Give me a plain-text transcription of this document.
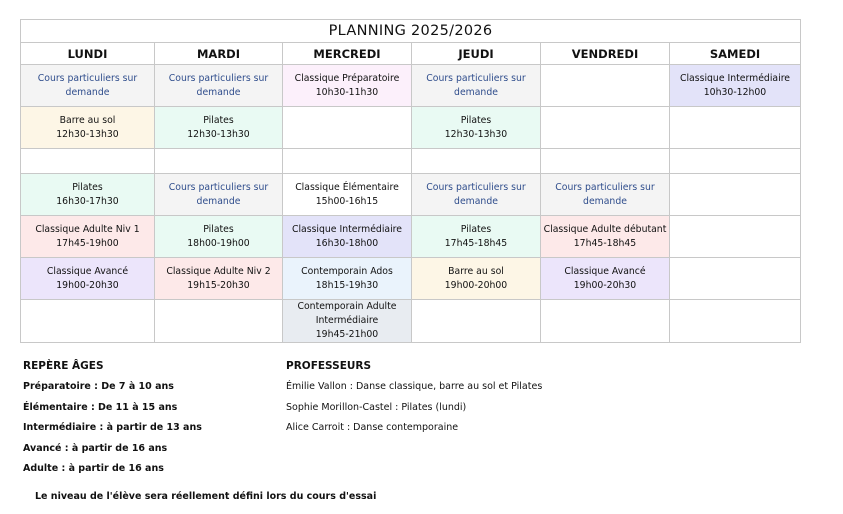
PLANNING 2025/2026					
LUNDI	MARDI	MERCREDI	JEUDI	VENDREDI	SAMEDI

Cours particuliers sur
demande	Cours particuliers sur
demande	Classique Préparatoire
10h30-11h30	Cours particuliers sur
demande		Classique Intermédiaire
10h30-12h00

Barre au sol
12h30-13h30	Pilates
12h30-13h30		Pilates
12h30-13h30		

Pilates
16h30-17h30	Cours particuliers sur
demande	Classique Élémentaire
15h00-16h15	Cours particuliers sur
demande	Cours particuliers sur
demande	

Classique Adulte Niv 1
17h45-19h00	Pilates
18h00-19h00	Classique Intermédiaire
16h30-18h00	Pilates
17h45-18h45	Classique Adulte débutant
17h45-18h45	

Classique Avancé
19h00-20h30	Classique Adulte Niv 2
19h15-20h30	Contemporain Ados
18h15-19h30	Barre au sol
19h00-20h00	Classique Avancé
19h00-20h30	

		Contemporain Adulte Intermédiaire
19h45-21h00			

REPÈRE ÂGES
Préparatoire : De 7 à 10 ans
Élémentaire : De 11 à 15 ans
Intermédiaire : à partir de 13 ans
Avancé : à partir de 16 ans
Adulte : à partir de 16 ans
PROFESSEURS
Émilie Vallon : Danse classique, barre au sol et Pilates
Sophie Morillon-Castel : Pilates (lundi)
Alice Carroit : Danse contemporaine
Le niveau de l'élève sera réellement défini lors du cours d'essai
